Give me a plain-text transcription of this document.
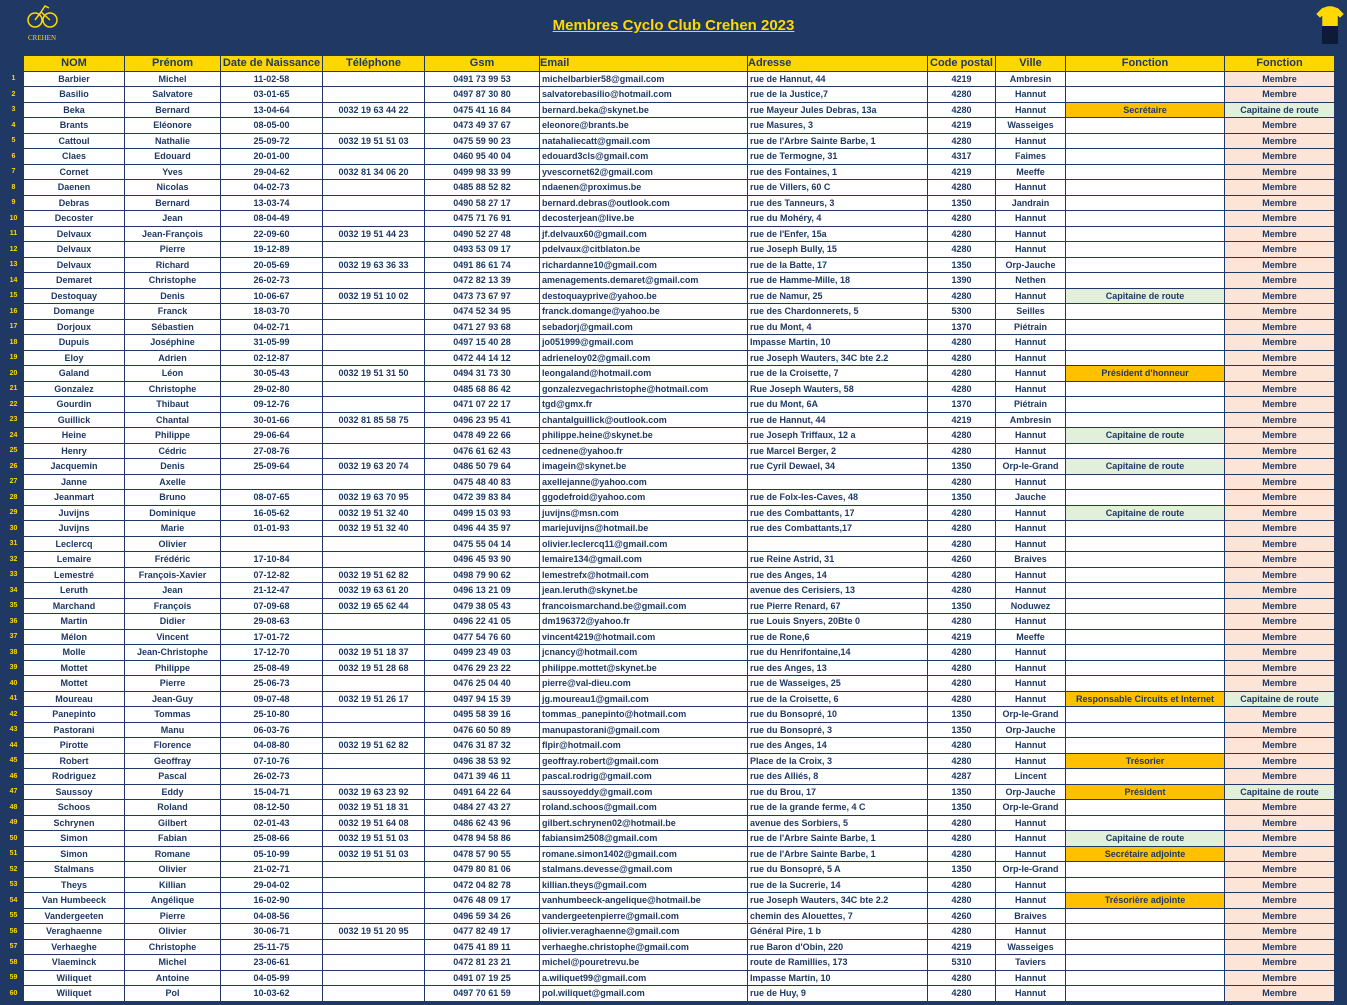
CREHEN
Membres Cyclo Club Crehen 2023
	NOM	Prénom	Date de Naissance	Téléphone	Gsm	Email	Adresse	Code postal	Ville	Fonction	Fonction
1	Barbier	Michel	11-02-58		0491 73 99 53	michelbarbier58@gmail.com	rue de Hannut, 44	4219	Ambresin		Membre
2	Basilio	Salvatore	03-01-65		0497 87 30 80	salvatorebasilio@hotmail.com	rue de la Justice,7	4280	Hannut		Membre
3	Beka	Bernard	13-04-64	0032 19 63 44 22	0475 41 16 84	bernard.beka@skynet.be	rue Mayeur Jules Debras, 13a	4280	Hannut	Secrétaire	Capitaine de route
4	Brants	Eléonore	08-05-00		0473 49 37 67	eleonore@brants.be	rue Masures, 3	4219	Wasseiges		Membre
5	Cattoul	Nathalie	25-09-72	0032 19 51 51 03	0475 59 90 23	natahaliecatt@gmail.com	rue de l'Arbre Sainte Barbe, 1	4280	Hannut		Membre
6	Claes	Edouard	20-01-00		0460 95 40 04	edouard3cls@gmail.com	rue de Termogne, 31	4317	Faimes		Membre
7	Cornet	Yves	29-04-62	0032 81 34 06 20	0499 98 33 99	yvescornet62@gmail.com	rue des Fontaines, 1	4219	Meeffe		Membre
8	Daenen	Nicolas	04-02-73		0485 88 52 82	ndaenen@proximus.be	rue de Villers, 60 C	4280	Hannut		Membre
9	Debras	Bernard	13-03-74		0490 58 27 17	bernard.debras@outlook.com	rue des Tanneurs, 3	1350	Jandrain		Membre
10	Decoster	Jean	08-04-49		0475 71 76 91	decosterjean@live.be	rue du Mohéry, 4	4280	Hannut		Membre
11	Delvaux	Jean-François	22-09-60	0032 19 51 44 23	0490 52 27 48	jf.delvaux60@gmail.com	rue de l'Enfer, 15a	4280	Hannut		Membre
12	Delvaux	Pierre	19-12-89		0493 53 09 17	pdelvaux@citblaton.be	rue Joseph Bully, 15	4280	Hannut		Membre
13	Delvaux	Richard	20-05-69	0032 19 63 36 33	0491 86 61 74	richardanne10@gmail.com	rue de la Batte, 17	1350	Orp-Jauche		Membre
14	Demaret	Christophe	26-02-73		0472 82 13 39	amenagements.demaret@gmail.com	rue de Hamme-Mille, 18	1390	Nethen		Membre
15	Destoquay	Denis	10-06-67	0032 19 51 10 02	0473 73 67 97	destoquayprive@yahoo.be	rue de Namur, 25	4280	Hannut	Capitaine de route	Membre
16	Domange	Franck	18-03-70		0474 52 34 95	franck.domange@yahoo.be	rue des Chardonnerets, 5	5300	Seilles		Membre
17	Dorjoux	Sébastien	04-02-71		0471 27 93 68	sebadorj@gmail.com	rue du Mont, 4	1370	Piétrain		Membre
18	Dupuis	Joséphine	31-05-99		0497 15 40 28	jo051999@gmail.com	Impasse Martin, 10	4280	Hannut		Membre
19	Eloy	Adrien	02-12-87		0472 44 14 12	adrieneloy02@gmail.com	rue Joseph Wauters, 34C bte 2.2	4280	Hannut		Membre
20	Galand	Léon	30-05-43	0032 19 51 31 50	0494 31 73 30	leongaland@hotmail.com	rue de la Croisette, 7	4280	Hannut	Président d'honneur	Membre
21	Gonzalez	Christophe	29-02-80		0485 68 86 42	gonzalezvegachristophe@hotmail.com	Rue Joseph Wauters, 58	4280	Hannut		Membre
22	Gourdin	Thibaut	09-12-76		0471 07 22 17	tgd@gmx.fr	rue du Mont, 6A	1370	Piétrain		Membre
23	Guillick	Chantal	30-01-66	0032 81 85 58 75	0496 23 95 41	chantalguillick@outlook.com	rue de Hannut, 44	4219	Ambresin		Membre
24	Heine	Philippe	29-06-64		0478 49 22 66	philippe.heine@skynet.be	rue Joseph Triffaux, 12 a	4280	Hannut	Capitaine de route	Membre
25	Henry	Cédric	27-08-76		0476 61 62 43	cednene@yahoo.fr	rue Marcel Berger, 2	4280	Hannut		Membre
26	Jacquemin	Denis	25-09-64	0032 19 63 20 74	0486 50 79 64	imagein@skynet.be	rue Cyril Dewael, 34	1350	Orp-le-Grand	Capitaine de route	Membre
27	Janne	Axelle			0475 48 40 83	axellejanne@yahoo.com		4280	Hannut		Membre
28	Jeanmart	Bruno	08-07-65	0032 19 63 70 95	0472 39 83 84	ggodefroid@yahoo.com	rue de Folx-les-Caves, 48	1350	Jauche		Membre
29	Juvijns	Dominique	16-05-62	0032 19 51 32 40	0499 15 03 93	juvijns@msn.com	rue des Combattants, 17	4280	Hannut	Capitaine de route	Membre
30	Juvijns	Marie	01-01-93	0032 19 51 32 40	0496 44 35 97	mariejuvijns@hotmail.be	rue des Combattants,17	4280	Hannut		Membre
31	Leclercq	Olivier			0475 55 04 14	olivier.leclercq11@gmail.com		4280	Hannut		Membre
32	Lemaire	Frédéric	17-10-84		0496 45 93 90	lemaire134@gmail.com	rue Reine Astrid, 31	4260	Braives		Membre
33	Lemestré	François-Xavier	07-12-82	0032 19 51 62 82	0498 79 90 62	lemestrefx@hotmail.com	rue des Anges, 14	4280	Hannut		Membre
34	Leruth	Jean	21-12-47	0032 19 63 61 20	0496 13 21 09	jean.leruth@skynet.be	avenue des Cerisiers, 13	4280	Hannut		Membre
35	Marchand	François	07-09-68	0032 19 65 62 44	0479 38 05 43	francoismarchand.be@gmail.com	rue Pierre Renard, 67	1350	Noduwez		Membre
36	Martin	Didier	29-08-63		0496 22 41 05	dm196372@yahoo.fr	rue Louis Snyers, 20Bte 0	4280	Hannut		Membre
37	Mélon	Vincent	17-01-72		0477 54 76 60	vincent4219@hotmail.com	rue de Rone,6	4219	Meeffe		Membre
38	Molle	Jean-Christophe	17-12-70	0032 19 51 18 37	0499 23 49 03	jcnancy@hotmail.com	rue du Henrifontaine,14	4280	Hannut		Membre
39	Mottet	Philippe	25-08-49	0032 19 51 28 68	0476 29 23 22	philippe.mottet@skynet.be	rue des Anges, 13	4280	Hannut		Membre
40	Mottet	Pierre	25-06-73		0476 25 04 40	pierre@val-dieu.com	rue de Wasseiges, 25	4280	Hannut		Membre
41	Moureau	Jean-Guy	09-07-48	0032 19 51 26 17	0497 94 15 39	jg.moureau1@gmail.com	rue de la Croisette, 6	4280	Hannut	Responsable Circuits et Internet	Capitaine de route
42	Panepinto	Tommas	25-10-80		0495 58 39 16	tommas_panepinto@hotmail.com	rue du Bonsopré, 10	1350	Orp-le-Grand		Membre
43	Pastorani	Manu	06-03-76		0476 60 50 89	manupastorani@gmail.com	rue du Bonsopré, 3	1350	Orp-Jauche		Membre
44	Pirotte	Florence	04-08-80	0032 19 51 62 82	0476 31 87 32	flpir@hotmail.com	rue des Anges, 14	4280	Hannut		Membre
45	Robert	Geoffray	07-10-76		0496 38 53 92	geoffray.robert@gmail.com	Place de la Croix, 3	4280	Hannut	Trésorier	Membre
46	Rodriguez	Pascal	26-02-73		0471 39 46 11	pascal.rodrig@gmail.com	rue des Alliés, 8	4287	Lincent		Membre
47	Saussoy	Eddy	15-04-71	0032 19 63 23 92	0491 64 22 64	saussoyeddy@gmail.com	rue du Brou, 17	1350	Orp-Jauche	Président	Capitaine de route
48	Schoos	Roland	08-12-50	0032 19 51 18 31	0484 27 43 27	roland.schoos@gmail.com	rue de la grande ferme, 4 C	1350	Orp-le-Grand		Membre
49	Schrynen	Gilbert	02-01-43	0032 19 51 64 08	0486 62 43 96	gilbert.schrynen02@hotmail.be	avenue des Sorbiers, 5	4280	Hannut		Membre
50	Simon	Fabian	25-08-66	0032 19 51 51 03	0478 94 58 86	fabiansim2508@gmail.com	rue de l'Arbre Sainte Barbe, 1	4280	Hannut	Capitaine de route	Membre
51	Simon	Romane	05-10-99	0032 19 51 51 03	0478 57 90 55	romane.simon1402@gmail.com	rue de l'Arbre Sainte Barbe, 1	4280	Hannut	Secrétaire adjointe	Membre
52	Stalmans	Olivier	21-02-71		0479 80 81 06	stalmans.devesse@gmail.com	rue du Bonsopré, 5 A	1350	Orp-le-Grand		Membre
53	Theys	Killian	29-04-02		0472 04 82 78	killian.theys@gmail.com	rue de la Sucrerie, 14	4280	Hannut		Membre
54	Van Humbeeck	Angélique	16-02-90		0476 48 09 17	vanhumbeeck-angelique@hotmail.be	rue Joseph Wauters, 34C bte 2.2	4280	Hannut	Trésorière adjointe	Membre
55	Vandergeeten	Pierre	04-08-56		0496 59 34 26	vandergeetenpierre@gmail.com	chemin des Alouettes, 7	4260	Braives		Membre
56	Veraghaenne	Olivier	30-06-71	0032 19 51 20 95	0477 82 49 17	olivier.veraghaenne@gmail.com	Général Pire, 1 b	4280	Hannut		Membre
57	Verhaeghe	Christophe	25-11-75		0475 41 89 11	verhaeghe.christophe@gmail.com	rue Baron d'Obin, 220	4219	Wasseiges		Membre
58	Vlaeminck	Michel	23-06-61		0472 81 23 21	michel@pouretrevu.be	route de Ramillies, 173	5310	Taviers		Membre
59	Wiliquet	Antoine	04-05-99		0491 07 19 25	a.wiliquet99@gmail.com	Impasse Martin, 10	4280	Hannut		Membre
60	Wiliquet	Pol	10-03-62		0497 70 61 59	pol.wiliquet@gmail.com	rue de Huy, 9	4280	Hannut		Membre
